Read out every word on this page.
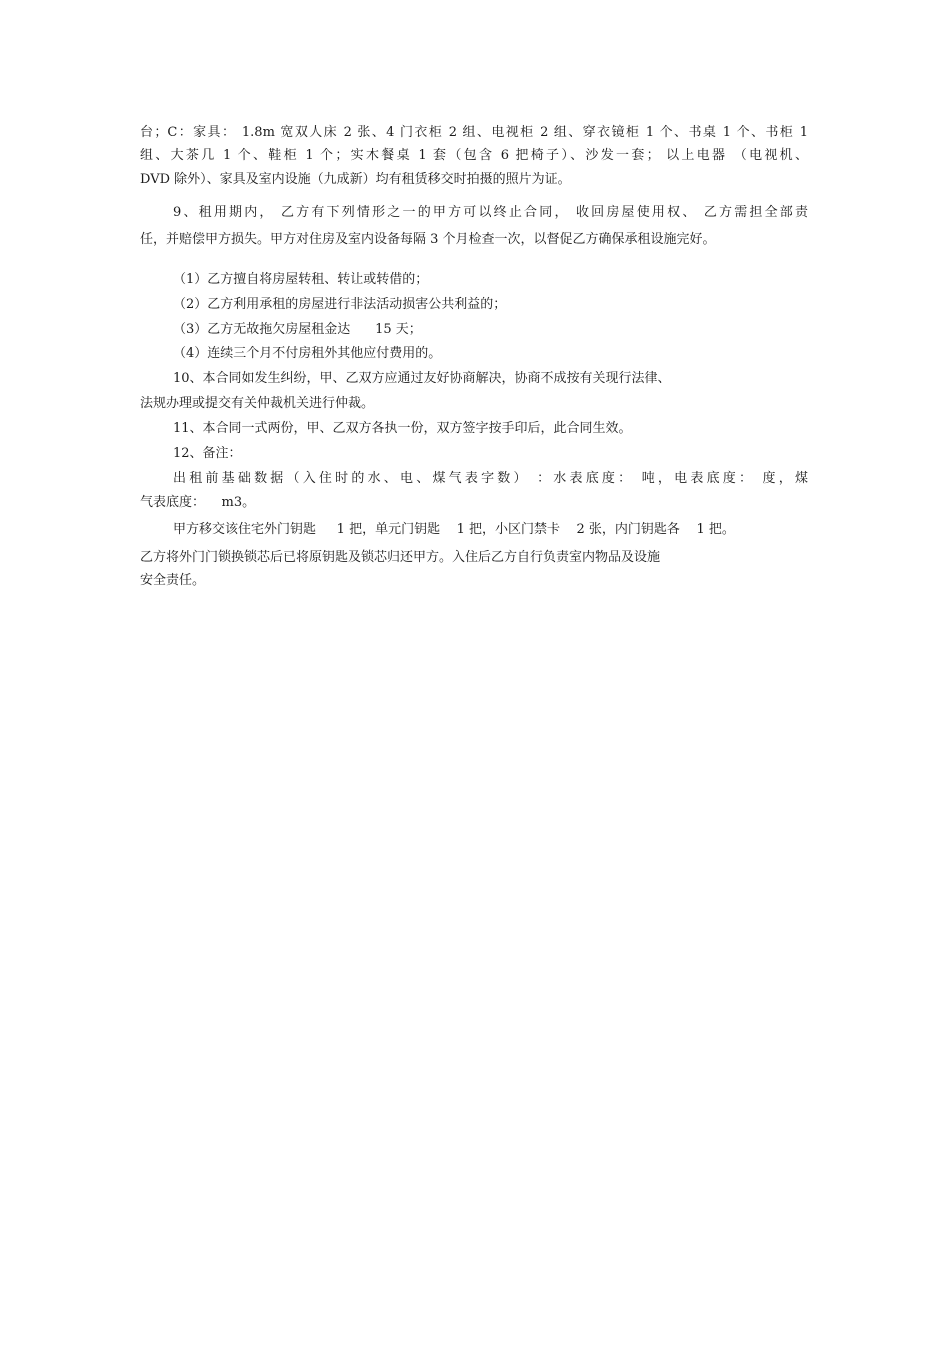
台；C：家具： 1.8m 宽双人床 2 张、4 门衣柜 2 组、电视柜 2 组、穿衣镜柜 1 个、书桌 1 个、书柜 1
组、大茶几 1 个、鞋柜 1 个；实木餐桌 1 套（包含 6 把椅子）、沙发一套； 以上电器 （电视机、
DVD 除外）、家具及室内设施（九成新）均有租赁移交时拍摄的照片为证。
9、租用期内， 乙方有下列情形之一的甲方可以终止合同， 收回房屋使用权、 乙方需担全部责
任，并赔偿甲方损失。甲方对住房及室内设备每隔 3 个月检查一次，以督促乙方确保承租设施完好。
（1）乙方擅自将房屋转租、转让或转借的；
（2）乙方利用承租的房屋进行非法活动损害公共利益的；
（3）乙方无故拖欠房屋租金达      15 天；
（4）连续三个月不付房租外其他应付费用的。
10、本合同如发生纠纷，甲、乙双方应通过友好协商解决，协商不成按有关现行法律、
法规办理或提交有关仲裁机关进行仲裁。
11、本合同一式两份，甲、乙双方各执一份，双方签字按手印后，此合同生效。
12、备注：
出租前基础数据（入住时的水、电、煤气表字数） ：水表底度： 吨，电表底度： 度，煤
气表底度：    m3。
甲方移交该住宅外门钥匙     1 把，单元门钥匙    1 把，小区门禁卡    2 张，内门钥匙各    1 把。
乙方将外门门锁换锁芯后已将原钥匙及锁芯归还甲方。入住后乙方自行负责室内物品及设施
安全责任。
